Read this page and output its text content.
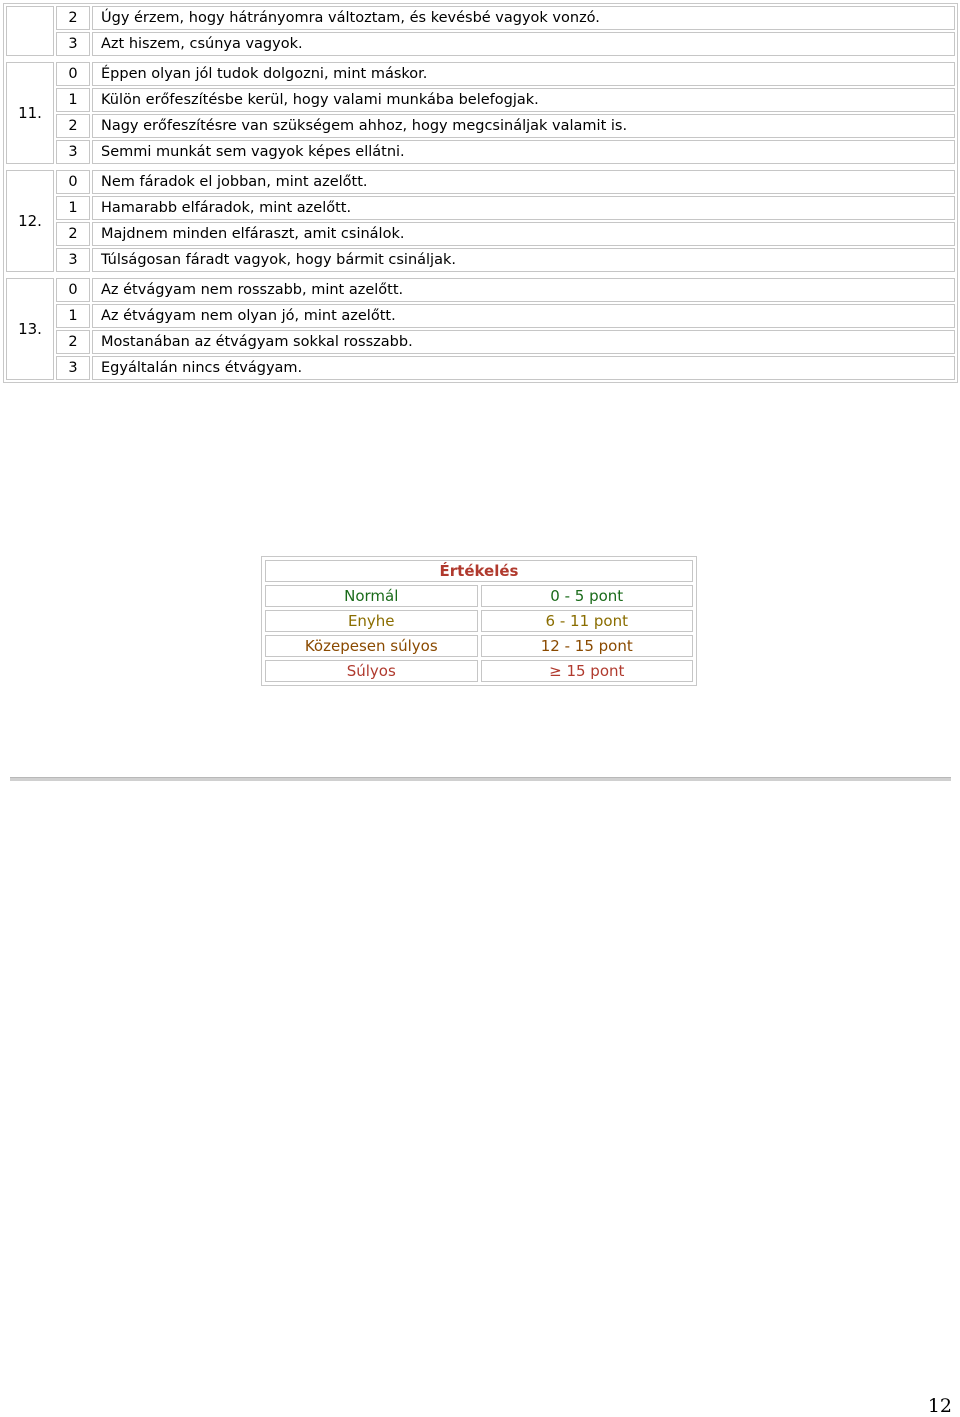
	2	Úgy érzem, hogy hátrányomra változtam, és kevésbé vagyok vonzó.
	3	Azt hiszem, csúnya vagyok.

11.	0	Éppen olyan jól tudok dolgozni, mint máskor.
	1	Külön erőfeszítésbe kerül, hogy valami munkába belefogjak.
	2	Nagy erőfeszítésre van szükségem ahhoz, hogy megcsináljak valamit is.
	3	Semmi munkát sem vagyok képes ellátni.

12.	0	Nem fáradok el jobban, mint azelőtt.
	1	Hamarabb elfáradok, mint azelőtt.
	2	Majdnem minden elfáraszt, amit csinálok.
	3	Túlságosan fáradt vagyok, hogy bármit csináljak.

13.	0	Az étvágyam nem rosszabb, mint azelőtt.
	1	Az étvágyam nem olyan jó, mint azelőtt.
	2	Mostanában az étvágyam sokkal rosszabb.
	3	Egyáltalán nincs étvágyam.
Értékelés	
Normál	0 - 5 pont
Enyhe	6 - 11 pont
Közepesen súlyos	12 - 15 pont
Súlyos	≥ 15 pont
12
